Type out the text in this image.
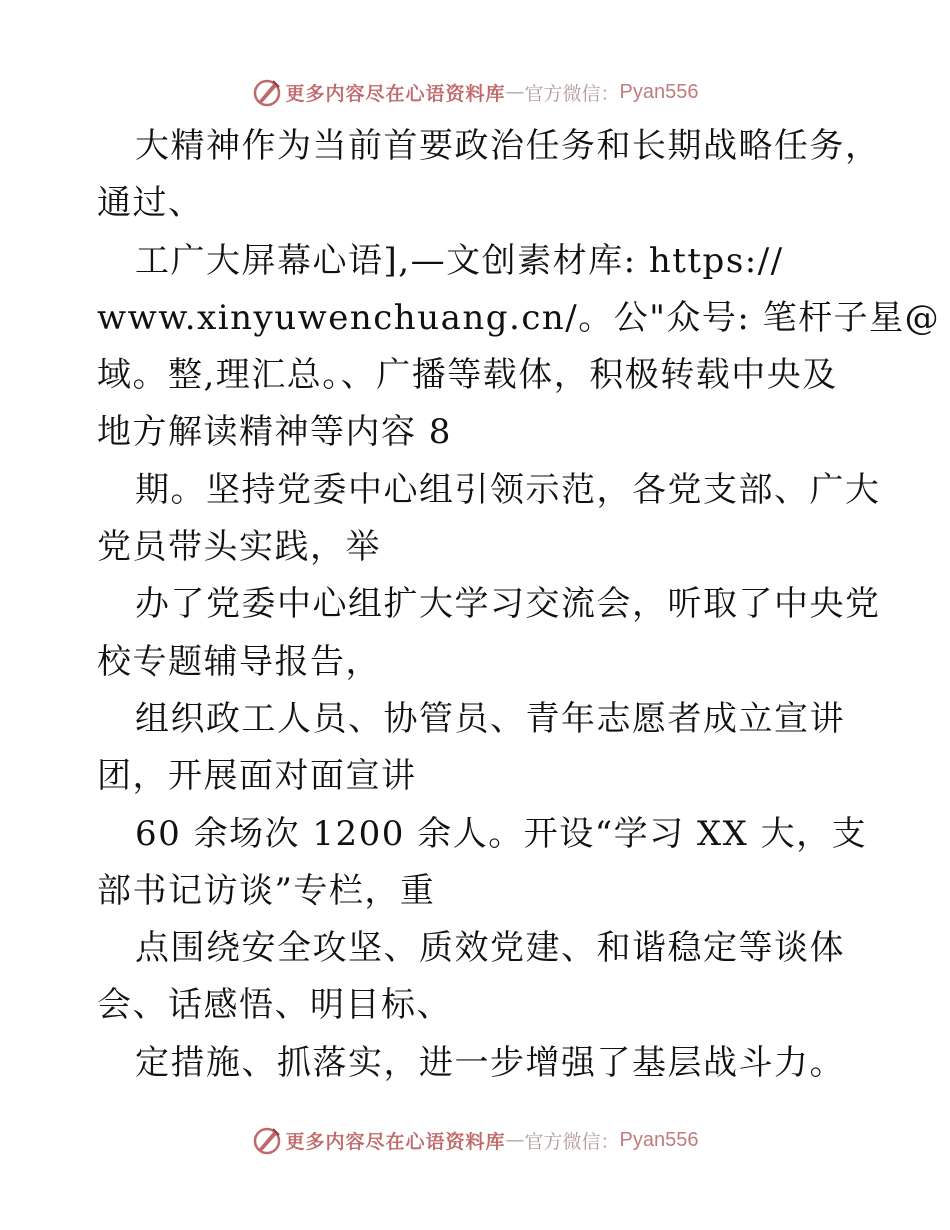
更多内容尽在心语资料库 — 官方微信： Pyan556
大精神作为当前首要政治任务和长期战略任务，
通过、
工广大屏幕心语],—文创素材库: https://
www.xinyuwenchuang.cn/。公"众号: 笔杆子星@
域。整,理汇总。、广播等载体，积极转载中央及
地方解读精神等内容 8
期。坚持党委中心组引领示范，各党支部、广大
党员带头实践，举
办了党委中心组扩大学习交流会，听取了中央党
校专题辅导报告，
组织政工人员、协管员、青年志愿者成立宣讲
团，开展面对面宣讲
60 余场次 1200 余人。开设“学习 XX 大，支
部书记访谈”专栏，重
点围绕安全攻坚、质效党建、和谐稳定等谈体
会、话感悟、明目标、
定措施、抓落实，进一步增强了基层战斗力。
更多内容尽在心语资料库 — 官方微信： Pyan556
